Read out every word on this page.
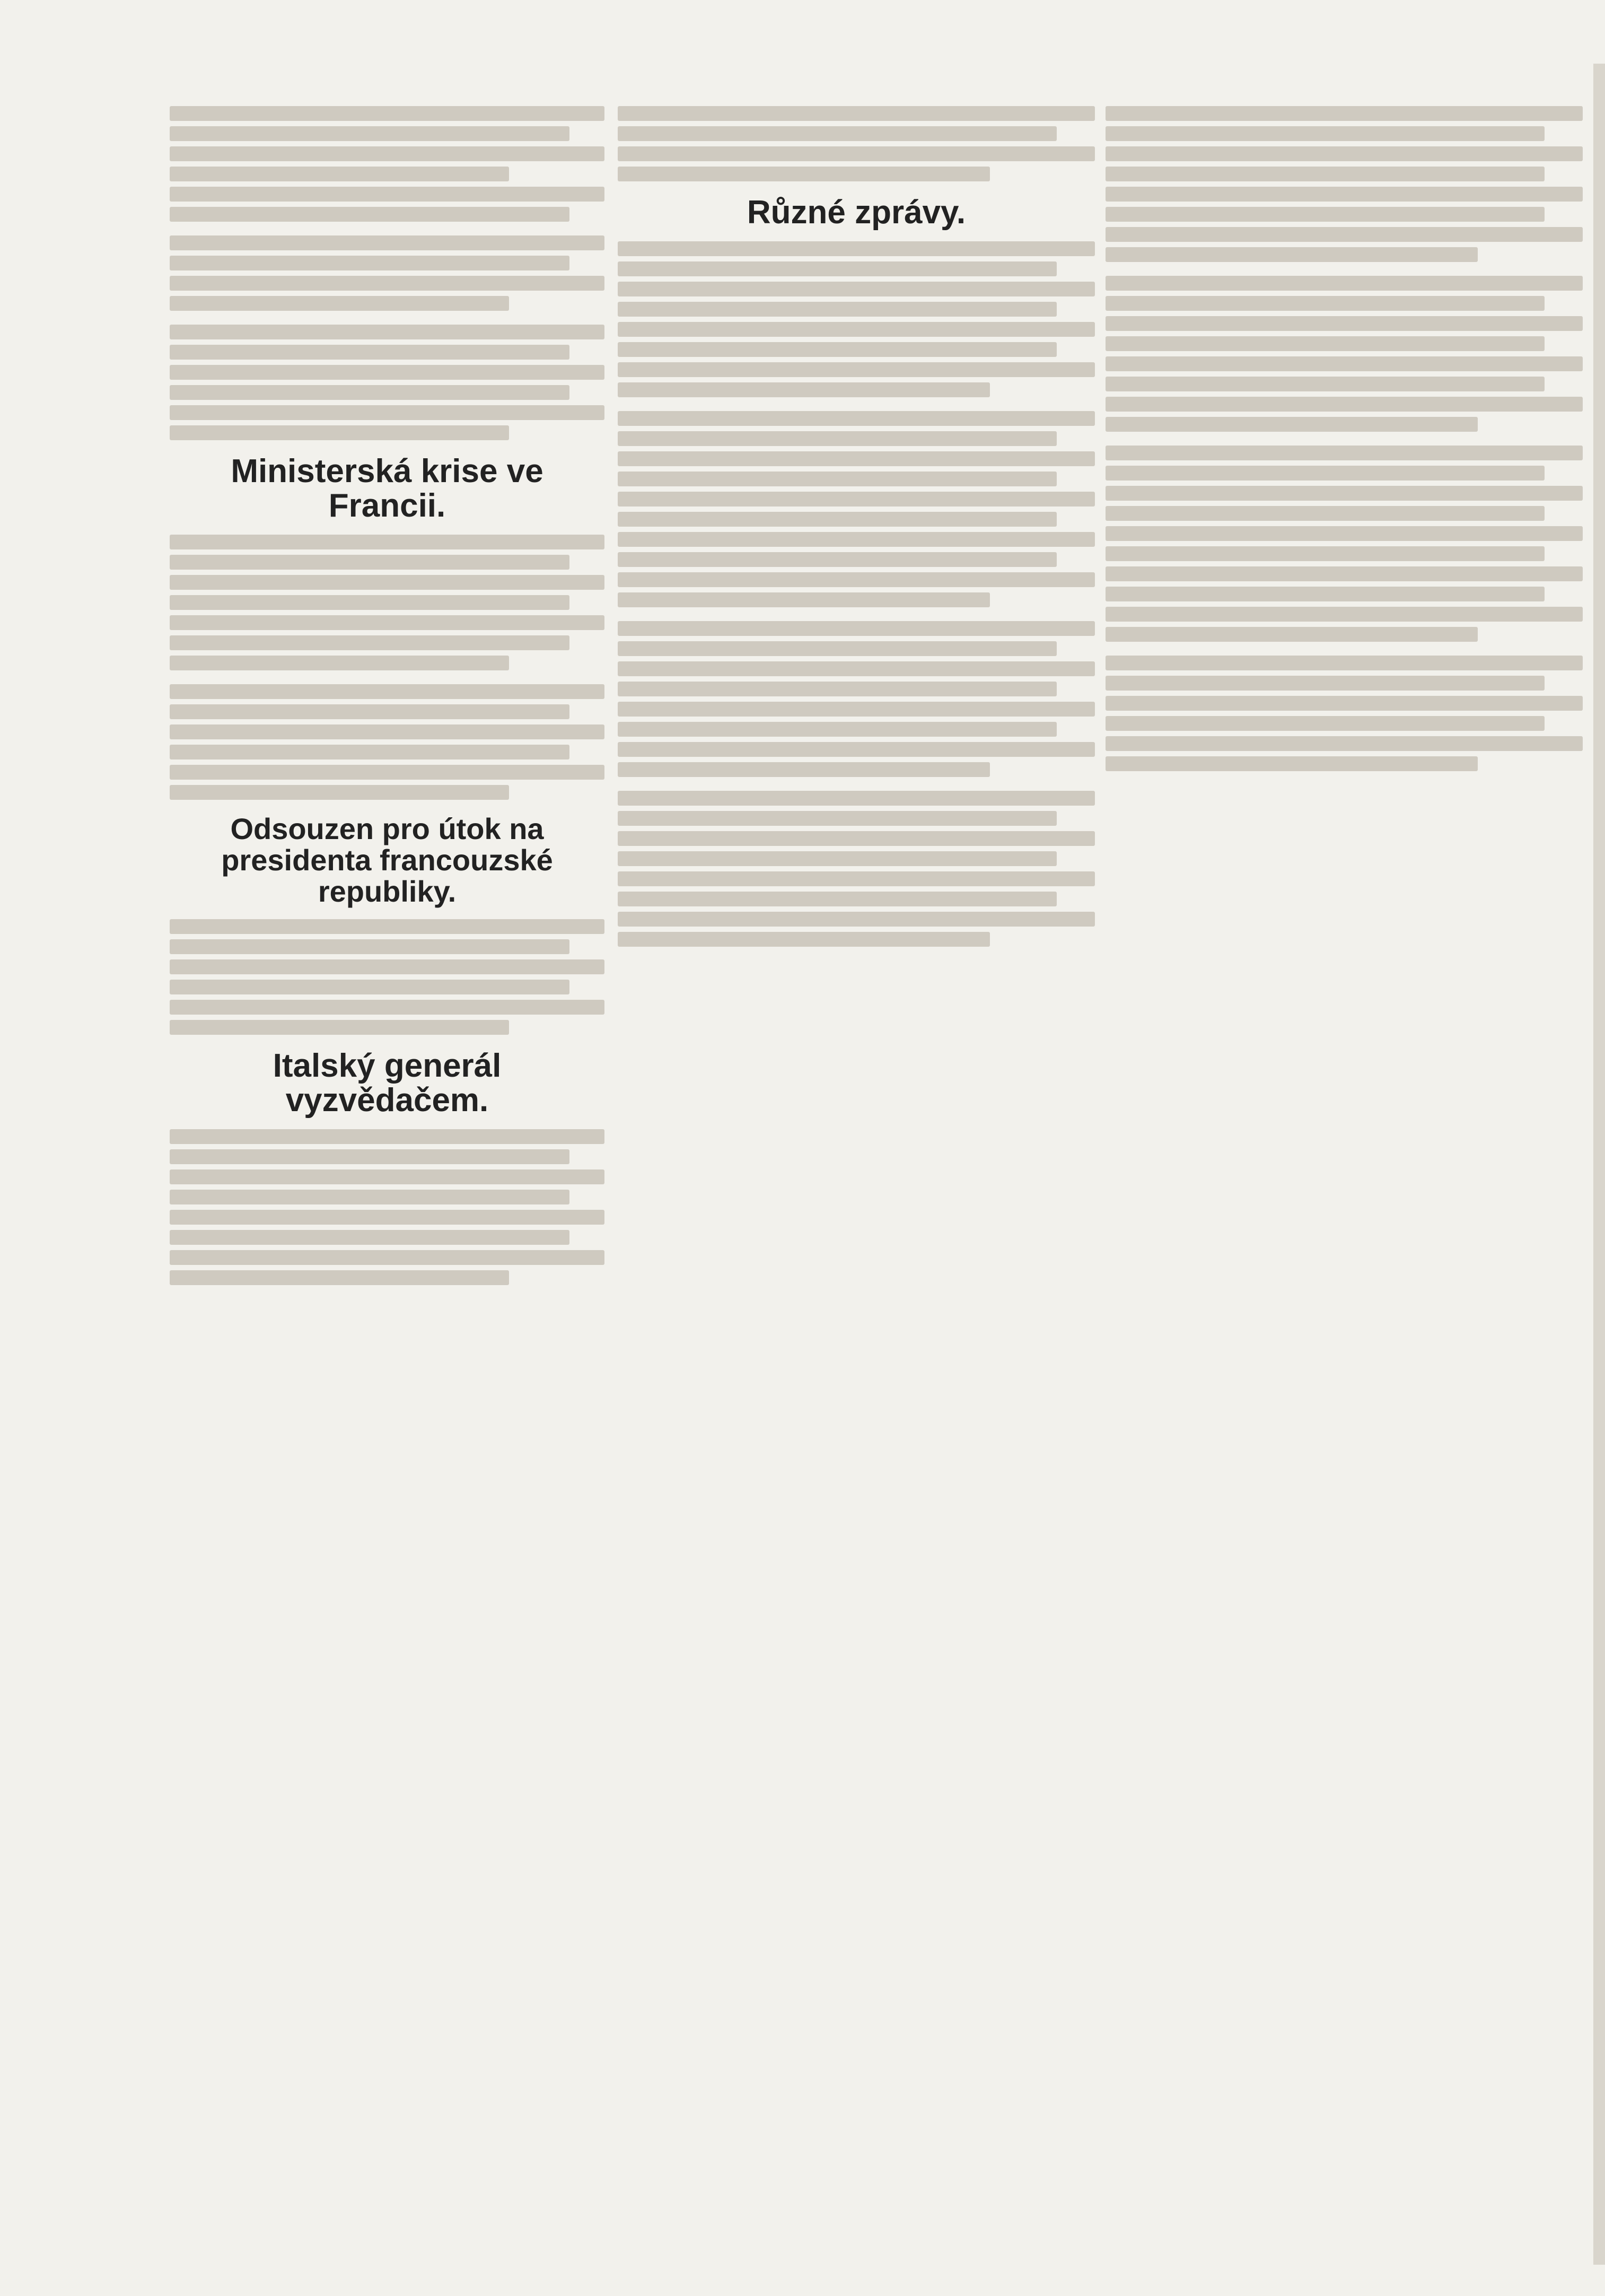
Ministerská krise ve Francii.
Odsouzen pro útok na presidenta francouzské republiky.
Italský generál vyzvědačem.
Různé zprávy.
